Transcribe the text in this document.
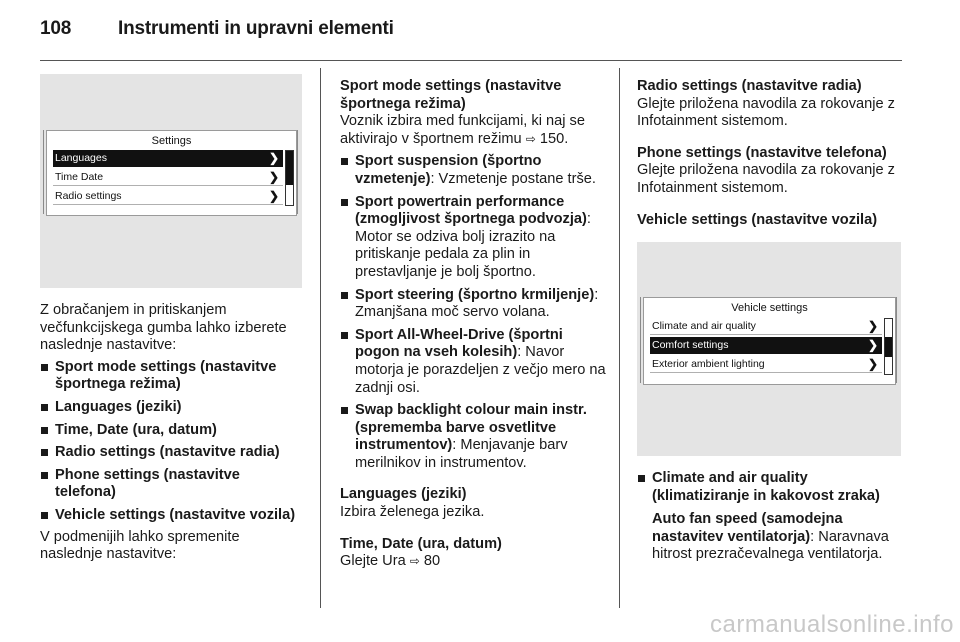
108 Instrumenti in upravni elementi
Settings
Languages	❯
Time Date	❯
Radio settings	❯

Z obračanjem in pritiskanjem večfunkcijskega gumba lahko izberete naslednje nastavitve:

Sport mode settings (nastavitve športnega režima)
Languages (jeziki)
Time, Date (ura, datum)
Radio settings (nastavitve radia)
Phone settings (nastavitve telefona)
Vehicle settings (nastavitve vozila)

V podmenijih lahko spremenite naslednje nastavitve:

Sport mode settings (nastavitve športnega režima)

Voznik izbira med funkcijami, ki naj se aktivirajo v športnem režimu ⇨ 150.

Sport suspension (športno vzmetenje): Vzmetenje postane trše.
Sport powertrain performance (zmogljivost športnega podvozja): Motor se odziva bolj izrazito na pritiskanje pedala za plin in prestavljanje je bolj športno.
Sport steering (športno krmiljenje): Zmanjšana moč servo volana.
Sport All-Wheel-Drive (športni pogon na vseh kolesih): Navor motorja je porazdeljen z večjo mero na zadnji osi.
Swap backlight colour main instr. (sprememba barve osvetlitve instrumentov): Menjavanje barv merilnikov in instrumentov.

Languages (jeziki)

Izbira želenega jezika.

Time, Date (ura, datum)

Glejte Ura ⇨ 80

Radio settings (nastavitve radia)

Glejte priložena navodila za rokovanje z Infotainment sistemom.

Phone settings (nastavitve telefona)

Glejte priložena navodila za rokovanje z Infotainment sistemom.

Vehicle settings (nastavitve vozila)

Vehicle settings
Climate and air quality	❯
Comfort settings	❯
Exterior ambient lighting	❯
Climate and air quality (klimatiziranje in kakovost zraka)

Auto fan speed (samodejna nastavitev ventilatorja): Naravnava hitrost prezračevalnega ventilatorja.

carmanualsonline.info
